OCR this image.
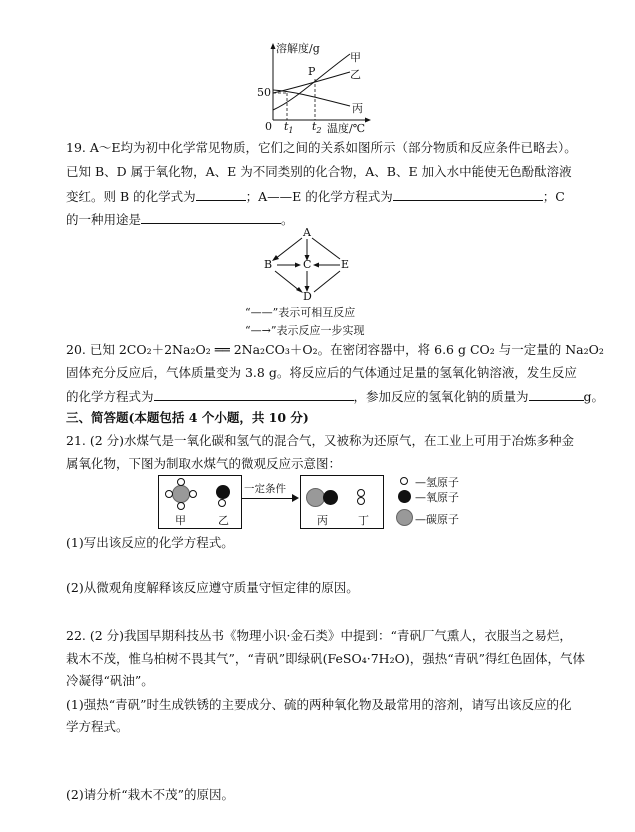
溶解度/g
甲
乙
P
50
丙
0 $t_1$ $t_2$ 温度/℃
19. A～E均为初中化学常见物质，它们之间的关系如图所示（部分物质和反应条件已略去）。
已知 B、D 属于氧化物，A、E 为不同类别的化合物，A、B、E 加入水中能使无色酚酞溶液
变红。则 B 的化学式为	；A——E 的化学方程式为	；C
的一种用途是	。
A
B	C	E
D
“——”表示可相互反应
“—→”表示反应一步实现
20. 已知 2CO₂＋2Na₂O₂ ══ 2Na₂CO₃＋O₂。在密闭容器中，将 6.6 g CO₂ 与一定量的 Na₂O₂
固体充分反应后，气体质量变为 3.8 g。将反应后的气体通过足量的氢氧化钠溶液，发生反应
的化学方程式为	，参加反应的氢氧化钠的质量为	g。
三、简答题(本题包括 4 个小题，共 10 分)
21. (2 分)水煤气是一氧化碳和氢气的混合气，又被称为还原气，在工业上可用于冶炼多种金
属氧化物，下图为制取水煤气的微观反应示意图：
一定条件
甲	乙	丙	丁
—氢原子
—氧原子
—碳原子
(1)写出该反应的化学方程式。
(2)从微观角度解释该反应遵守质量守恒定律的原因。
22. (2 分)我国早期科技丛书《物理小识·金石类》中提到：“青矾厂气熏人，衣服当之易烂，
栽木不茂，惟乌柏树不畏其气”，“青矾”即绿矾(FeSO₄·7H₂O)，强热“青矾”得红色固体，气体
冷凝得“矾油”。
(1)强热“青矾”时生成铁锈的主要成分、硫的两种氧化物及最常用的溶剂，请写出该反应的化
学方程式。
(2)请分析“栽木不茂”的原因。
